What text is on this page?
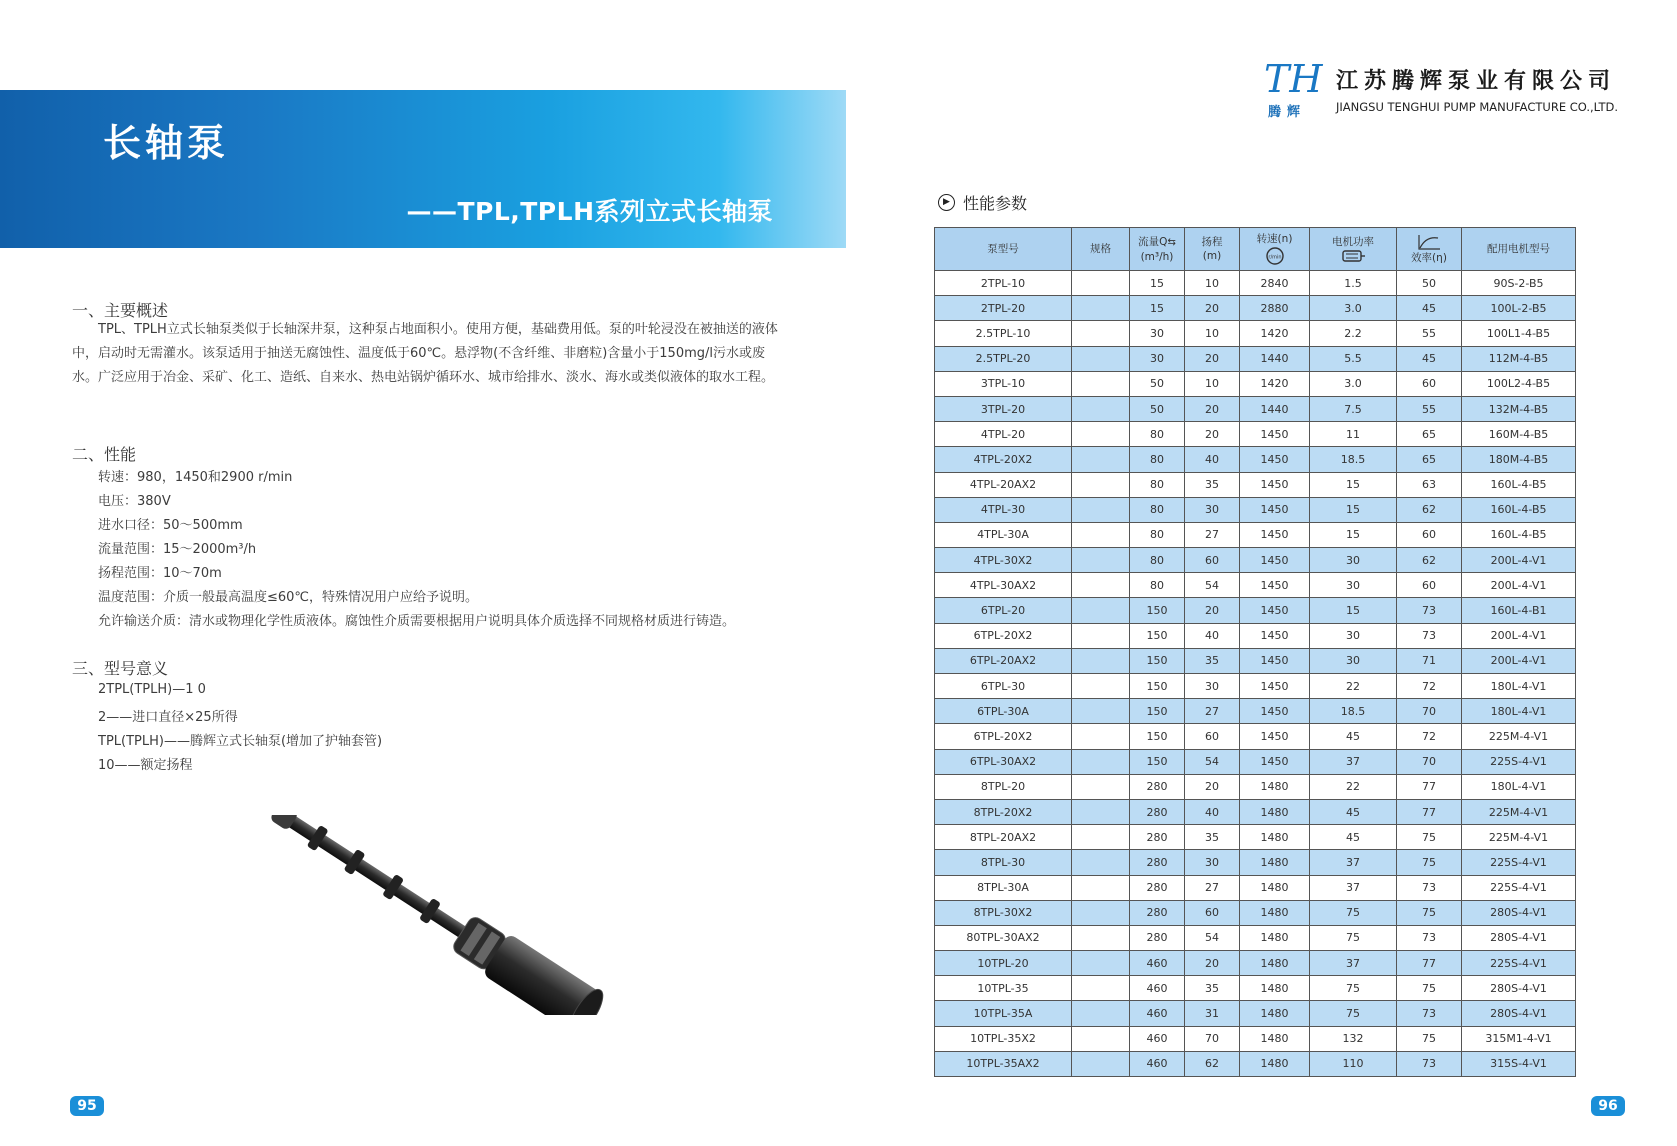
长轴泵
——TPL,TPLH系列立式长轴泵
TH
腾辉
江苏腾辉泵业有限公司
JIANGSU TENGHUI PUMP MANUFACTURE CO.,LTD.
一、主要概述
TPL、TPLH立式长轴泵类似于长轴深井泵，这种泵占地面积小。使用方便，基础费用低。泵的叶轮浸没在被抽送的液体中，启动时无需灌水。该泵适用于抽送无腐蚀性、温度低于60℃。悬浮物(不含纤维、非磨粒)含量小于150mg/l污水或废水。广泛应用于冶金、采矿、化工、造纸、自来水、热电站锅炉循环水、城市给排水、淡水、海水或类似液体的取水工程。
二、性能
转速：980，1450和2900 r/min
电压：380V
进水口径：50～500mm
流量范围：15～2000m³/h
扬程范围：10～70m
温度范围：介质一般最高温度≤60℃，特殊情况用户应给予说明。
允许输送介质：清水或物理化学性质液体。腐蚀性介质需要根据用户说明具体介质选择不同规格材质进行铸造。
三、型号意义
2TPL(TPLH)—1 0
2——进口直径×25所得
TPL(TPLH)——腾辉立式长轴泵(增加了护轴套管)
10——额定扬程
95
▶ 性能参数
泵型号	规格	流量Q⇆
(m³/h)	扬程
(m)	转速(n)
r/min	电机功率	效率(η)	配用电机型号
2TPL-10		15	10	2840	1.5	50	90S-2-B5
2TPL-20		15	20	2880	3.0	45	100L-2-B5
2.5TPL-10		30	10	1420	2.2	55	100L1-4-B5
2.5TPL-20		30	20	1440	5.5	45	112M-4-B5
3TPL-10		50	10	1420	3.0	60	100L2-4-B5
3TPL-20		50	20	1440	7.5	55	132M-4-B5
4TPL-20		80	20	1450	11	65	160M-4-B5
4TPL-20X2		80	40	1450	18.5	65	180M-4-B5
4TPL-20AX2		80	35	1450	15	63	160L-4-B5
4TPL-30		80	30	1450	15	62	160L-4-B5
4TPL-30A		80	27	1450	15	60	160L-4-B5
4TPL-30X2		80	60	1450	30	62	200L-4-V1
4TPL-30AX2		80	54	1450	30	60	200L-4-V1
6TPL-20		150	20	1450	15	73	160L-4-B1
6TPL-20X2		150	40	1450	30	73	200L-4-V1
6TPL-20AX2		150	35	1450	30	71	200L-4-V1
6TPL-30		150	30	1450	22	72	180L-4-V1
6TPL-30A		150	27	1450	18.5	70	180L-4-V1
6TPL-20X2		150	60	1450	45	72	225M-4-V1
6TPL-30AX2		150	54	1450	37	70	225S-4-V1
8TPL-20		280	20	1480	22	77	180L-4-V1
8TPL-20X2		280	40	1480	45	77	225M-4-V1
8TPL-20AX2		280	35	1480	45	75	225M-4-V1
8TPL-30		280	30	1480	37	75	225S-4-V1
8TPL-30A		280	27	1480	37	73	225S-4-V1
8TPL-30X2		280	60	1480	75	75	280S-4-V1
80TPL-30AX2		280	54	1480	75	73	280S-4-V1
10TPL-20		460	20	1480	37	77	225S-4-V1
10TPL-35		460	35	1480	75	75	280S-4-V1
10TPL-35A		460	31	1480	75	73	280S-4-V1
10TPL-35X2		460	70	1480	132	75	315M1-4-V1
10TPL-35AX2		460	62	1480	110	73	315S-4-V1
96
